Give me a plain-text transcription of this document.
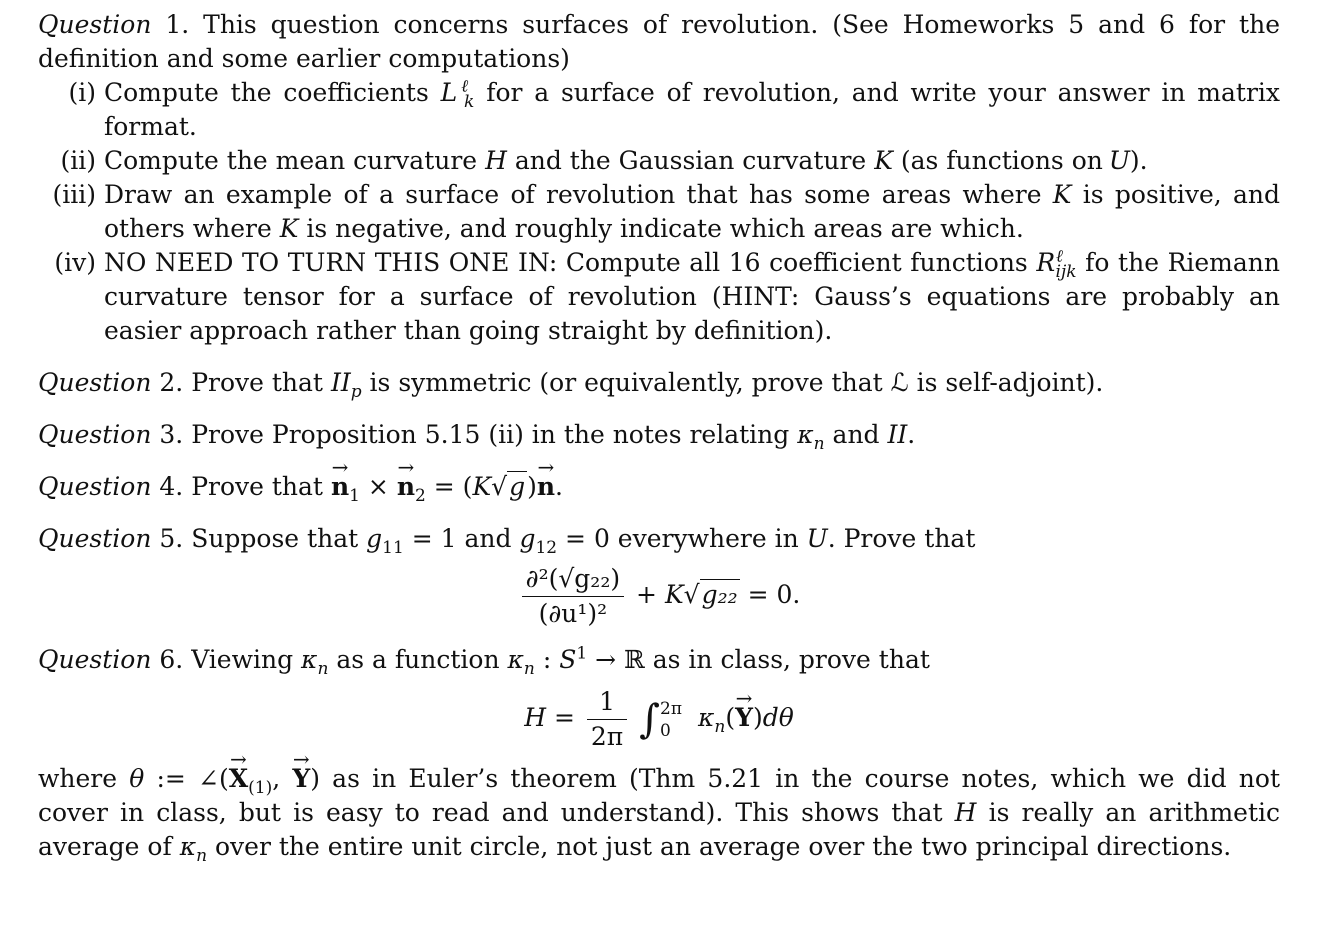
Question 1. This question concerns surfaces of revolution. (See Homeworks 5 and 6 for the definition and some earlier computations)

(i) Compute the coefficients $L^\ell_k$ for a surface of revolution, and write your answer in matrix format.
(ii) Compute the mean curvature H and the Gaussian curvature K (as functions on U).
(iii) Draw an example of a surface of revolution that has some areas where K is positive, and others where K is negative, and roughly indicate which areas are which.
(iv) NO NEED TO TURN THIS ONE IN: Compute all 16 coefficient functions $R^\ell_{ijk}$ fo the Riemann curvature tensor for a surface of revolution (HINT: Gauss’s equations are probably an easier approach rather than going straight by definition).

Question 2. Prove that $II_p$ is symmetric (or equivalently, prove that ℒ is self-adjoint).

Question 3. Prove Proposition 5.15 (ii) in the notes relating $\kappa_n$ and II.

Question 4. Prove that → $n_1$ × → $n_2 = (K√g)\to n$.

Question 5. Suppose that $g_{11} = 1$ and $g_{12} = 0$ everywhere in U. Prove that

$\frac{\text{∂²(√g₂₂)}}{\text{(∂u¹)²}} + K√g_{22} = 0$.

Question 6. Viewing $\kappa_n$ as a function $\kappa_n$ : $S^1$ → ℝ as in class, prove that

$H = \frac{1}{2\pi}$ ∫ 2π
0	$\kappa_n(\to Y)d\theta$

where θ := ∠(→ $X_{(1)}$, → Y) as in Euler’s theorem (Thm 5.21 in the course notes, which we did not cover in class, but is easy to read and understand). This shows that H is really an arithmetic average of $\kappa_n$ over the entire unit circle, not just an average over the two principal directions.
